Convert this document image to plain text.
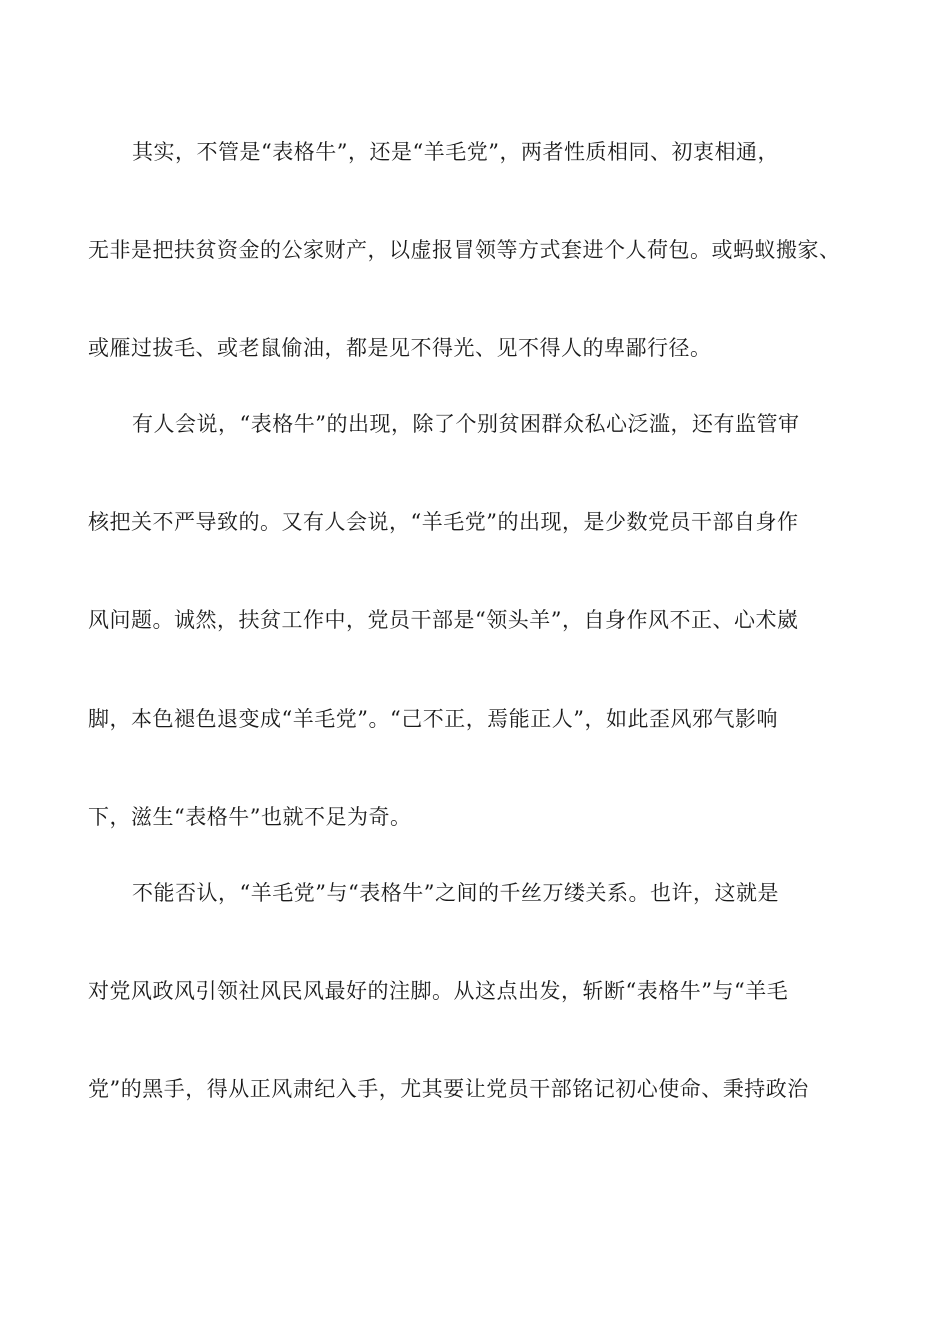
其实，不管是“表格牛”，还是“羊毛党”，两者性质相同、初衷相通，
无非是把扶贫资金的公家财产，以虚报冒领等方式套进个人荷包。或蚂蚁搬家、
或雁过拔毛、或老鼠偷油，都是见不得光、见不得人的卑鄙行径。
有人会说，“表格牛”的出现，除了个别贫困群众私心泛滥，还有监管审
核把关不严导致的。又有人会说，“羊毛党”的出现，是少数党员干部自身作
风问题。诚然，扶贫工作中，党员干部是“领头羊”，自身作风不正、心术崴
脚，本色褪色退变成“羊毛党”。“己不正，焉能正人”，如此歪风邪气影响
下，滋生“表格牛”也就不足为奇。
不能否认，“羊毛党”与“表格牛”之间的千丝万缕关系。也许，这就是
对党风政风引领社风民风最好的注脚。从这点出发，斩断“表格牛”与“羊毛
党”的黑手，得从正风肃纪入手，尤其要让党员干部铭记初心使命、秉持政治
